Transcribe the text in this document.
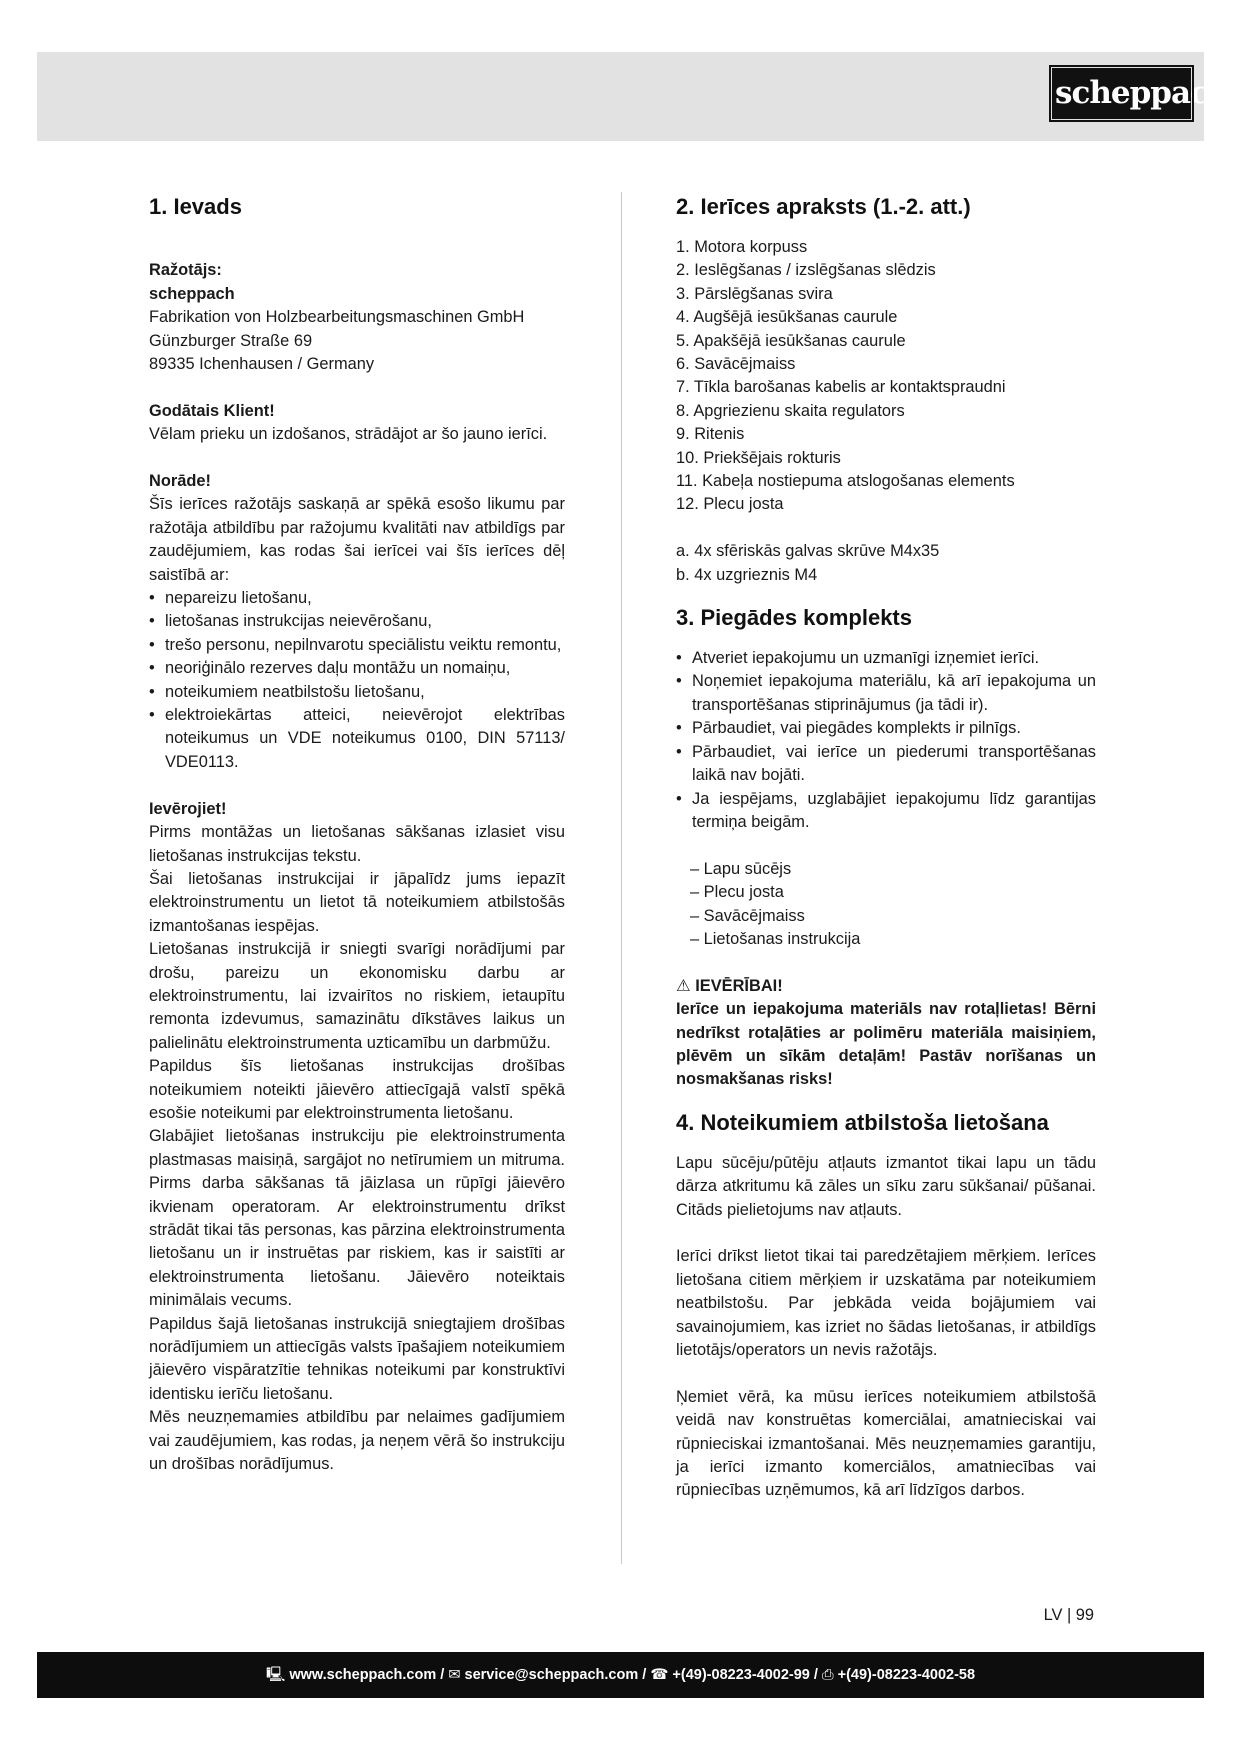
scheppach
1. Ievads

Ražotājs:

scheppach

Fabrikation von Holzbearbeitungsmaschinen GmbH

Günzburger Straße 69

89335 Ichenhausen / Germany

Godātais Klient!

Vēlam prieku un izdošanos, strādājot ar šo jauno ierīci.

Norāde!

Šīs ierīces ražotājs saskaņā ar spēkā esošo likumu par ražotāja atbildību par ražojumu kvalitāti nav atbildīgs par zaudējumiem, kas rodas šai ierīcei vai šīs ierīces dēļ saistībā ar:

• nepareizu lietošanu,
• lietošanas instrukcijas neievērošanu,
• trešo personu, nepilnvarotu speciālistu veiktu remontu,
• neoriģinālo rezerves daļu montāžu un nomaiņu,
• noteikumiem neatbilstošu lietošanu,
• elektroiekārtas atteici, neievērojot elektrības noteikumus un VDE noteikumus 0100, DIN 57113/ VDE0113.

Ievērojiet!

Pirms montāžas un lietošanas sākšanas izlasiet visu lietošanas instrukcijas tekstu.

Šai lietošanas instrukcijai ir jāpalīdz jums iepazīt elektroinstrumentu un lietot tā noteikumiem atbilstošās izmantošanas iespējas.

Lietošanas instrukcijā ir sniegti svarīgi norādījumi par drošu, pareizu un ekonomisku darbu ar elektroinstrumentu, lai izvairītos no riskiem, ietaupītu remonta izdevumus, samazinātu dīkstāves laikus un palielinātu elektroinstrumenta uzticamību un darbmūžu.

Papildus šīs lietošanas instrukcijas drošības noteikumiem noteikti jāievēro attiecīgajā valstī spēkā esošie noteikumi par elektroinstrumenta lietošanu.

Glabājiet lietošanas instrukciju pie elektroinstrumenta plastmasas maisiņā, sargājot no netīrumiem un mitruma. Pirms darba sākšanas tā jāizlasa un rūpīgi jāievēro ikvienam operatoram. Ar elektroinstrumentu drīkst strādāt tikai tās personas, kas pārzina elektroinstrumenta lietošanu un ir instruētas par riskiem, kas ir saistīti ar elektroinstrumenta lietošanu. Jāievēro noteiktais minimālais vecums.

Papildus šajā lietošanas instrukcijā sniegtajiem drošības norādījumiem un attiecīgās valsts īpašajiem noteikumiem jāievēro vispāratzītie tehnikas noteikumi par konstruktīvi identisku ierīču lietošanu.

Mēs neuzņemamies atbildību par nelaimes gadījumiem vai zaudējumiem, kas rodas, ja neņem vērā šo instrukciju un drošības norādījumus.

2. Ierīces apraksts (1.-2. att.)
1. Motora korpuss
2. Ieslēgšanas / izslēgšanas slēdzis
3. Pārslēgšanas svira
4. Augšējā iesūkšanas caurule
5. Apakšējā iesūkšanas caurule
6. Savācējmaiss
7. Tīkla barošanas kabelis ar kontaktspraudni
8. Apgriezienu skaita regulators
9. Ritenis
10. Priekšējais rokturis
11. Kabeļa nostiepuma atslogošanas elements
12. Plecu josta
a. 4x sfēriskās galvas skrūve M4x35
b. 4x uzgrieznis M4
3. Piegādes komplekts
• Atveriet iepakojumu un uzmanīgi izņemiet ierīci.
• Noņemiet iepakojuma materiālu, kā arī iepakojuma un transportēšanas stiprinājumus (ja tādi ir).
• Pārbaudiet, vai piegādes komplekts ir pilnīgs.
• Pārbaudiet, vai ierīce un piederumi transportēšanas laikā nav bojāti.
• Ja iespējams, uzglabājiet iepakojumu līdz garantijas termiņa beigām.
– Lapu sūcējs
– Plecu josta
– Savācējmaiss
– Lietošanas instrukcija

⚠ IEVĒRĪBAI!

Ierīce un iepakojuma materiāls nav rotaļlietas! Bērni nedrīkst rotaļāties ar polimēru materiāla maisiņiem, plēvēm un sīkām detaļām! Pastāv norīšanas un nosmakšanas risks!

4. Noteikumiem atbilstoša lietošana

Lapu sūcēju/pūtēju atļauts izmantot tikai lapu un tādu dārza atkritumu kā zāles un sīku zaru sūkšanai/ pūšanai. Citāds pielietojums nav atļauts.

Ierīci drīkst lietot tikai tai paredzētajiem mērķiem. Ierīces lietošana citiem mērķiem ir uzskatāma par noteikumiem neatbilstošu. Par jebkāda veida bojājumiem vai savainojumiem, kas izriet no šādas lietošanas, ir atbildīgs lietotājs/operators un nevis ražotājs.

Ņemiet vērā, ka mūsu ierīces noteikumiem atbilstošā veidā nav konstruētas komerciālai, amatnieciskai vai rūpnieciskai izmantošanai. Mēs neuzņemamies garantiju, ja ierīci izmanto komerciālos, amatniecības vai rūpniecības uzņēmumos, kā arī līdzīgos darbos.

LV | 99
🖳 www.scheppach.com / ✉ service@scheppach.com / ☎ +(49)-08223-4002-99 / ⎙ +(49)-08223-4002-58
